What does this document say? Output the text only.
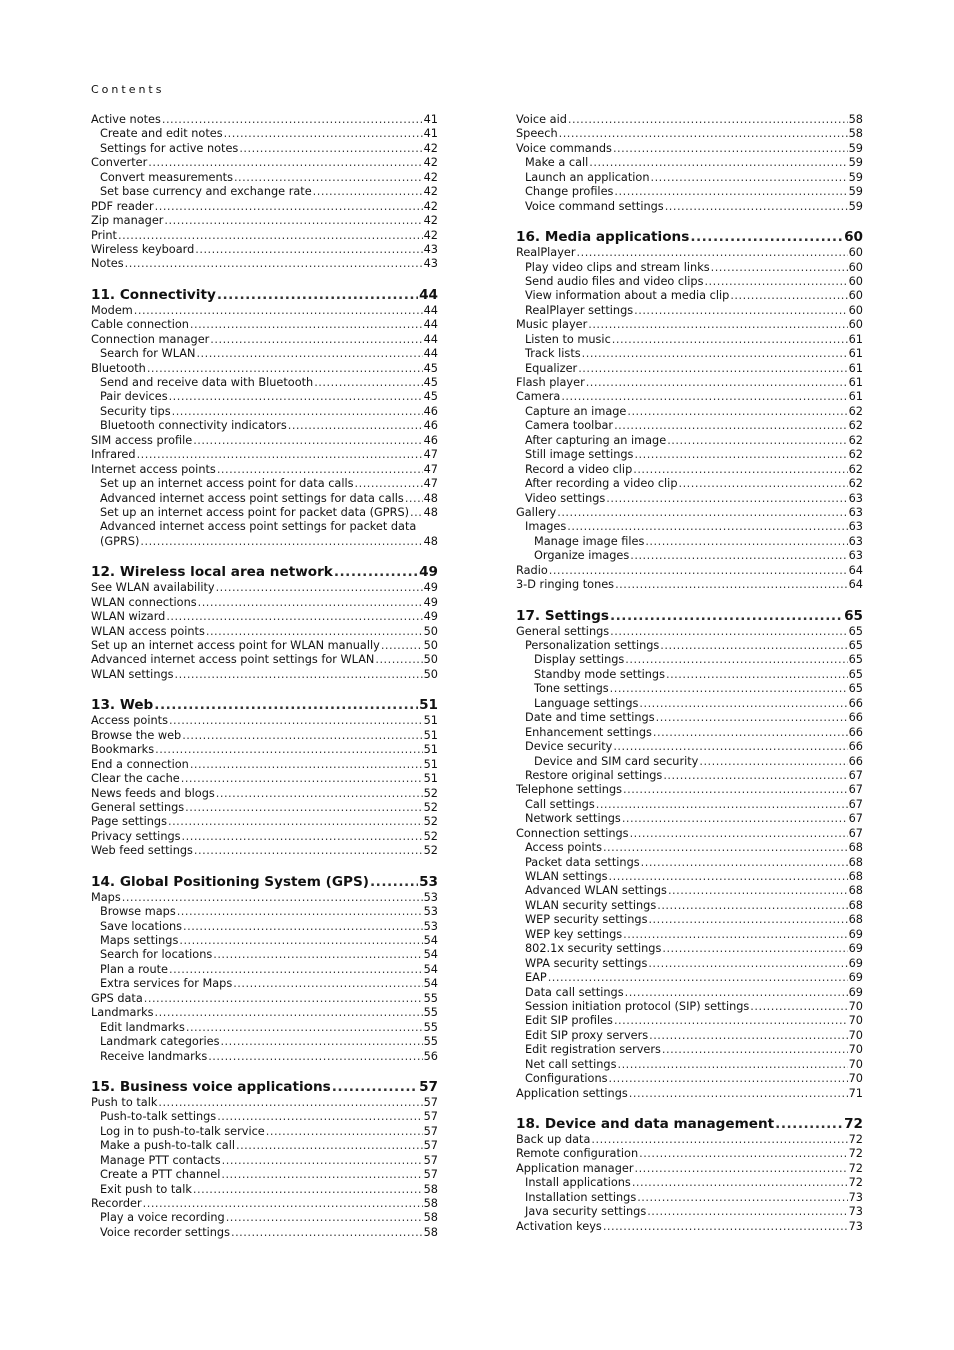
Contents
Active notes .....	41
Create and edit notes .....	41
Settings for active notes .....	42
Converter .....	42
Convert measurements .....	42
Set base currency and exchange rate .....	42
PDF reader .....	42
Zip manager .....	42
Print .....	42
Wireless keyboard .....	43
Notes .....	43
11. Connectivity .....	44
Modem .....	44
Cable connection .....	44
Connection manager .....	44
Search for WLAN .....	44
Bluetooth .....	45
Send and receive data with Bluetooth .....	45
Pair devices .....	45
Security tips .....	46
Bluetooth connectivity indicators .....	46
SIM access profile .....	46
Infrared .....	47
Internet access points .....	47
Set up an internet access point for data calls .....	47
Advanced internet access point settings for data calls ..... 48
Set up an internet access point for packet data (GPRS) ..... 48
Advanced internet access point settings for packet data
(GPRS) .....	48
12. Wireless local area network .....	49
See WLAN availability .....	49
WLAN connections .....	49
WLAN wizard .....	49
WLAN access points .....	50
Set up an internet access point for WLAN manually .....	50
Advanced internet access point settings for WLAN .....	50
WLAN settings .....	50
13. Web .....	51
Access points .....	51
Browse the web .....	51
Bookmarks .....	51
End a connection .....	51
Clear the cache .....	51
News feeds and blogs .....	52
General settings .....	52
Page settings .....	52
Privacy settings .....	52
Web feed settings .....	52
14. Global Positioning System (GPS) .....	53
Maps .....	53
Browse maps .....	53
Save locations .....	53
Maps settings .....	54
Search for locations .....	54
Plan a route .....	54
Extra services for Maps .....	54
GPS data .....	55
Landmarks .....	55
Edit landmarks .....	55
Landmark categories .....	55
Receive landmarks .....	56
15. Business voice applications .....	57
Push to talk .....	57
Push-to-talk settings .....	57
Log in to push-to-talk service .....	57
Make a push-to-talk call .....	57
Manage PTT contacts .....	57
Create a PTT channel .....	57
Exit push to talk .....	58
Recorder .....	58
Play a voice recording .....	58
Voice recorder settings .....	58
Voice aid .....	58
Speech .....	58
Voice commands .....	59
Make a call .....	59
Launch an application .....	59
Change profiles .....	59
Voice command settings .....	59
16. Media applications .....	60
RealPlayer .....	60
Play video clips and stream links .....	60
Send audio files and video clips .....	60
View information about a media clip .....	60
RealPlayer settings .....	60
Music player .....	60
Listen to music .....	61
Track lists .....	61
Equalizer .....	61
Flash player .....	61
Camera .....	61
Capture an image .....	62
Camera toolbar .....	62
After capturing an image .....	62
Still image settings .....	62
Record a video clip .....	62
After recording a video clip .....	62
Video settings .....	63
Gallery .....	63
Images .....	63
Manage image files .....	63
Organize images .....	63
Radio .....	64
3-D ringing tones .....	64
17. Settings .....	65
General settings .....	65
Personalization settings .....	65
Display settings .....	65
Standby mode settings .....	65
Tone settings .....	65
Language settings .....	66
Date and time settings .....	66
Enhancement settings .....	66
Device security .....	66
Device and SIM card security .....	66
Restore original settings .....	67
Telephone settings .....	67
Call settings .....	67
Network settings .....	67
Connection settings .....	67
Access points .....	68
Packet data settings .....	68
WLAN settings .....	68
Advanced WLAN settings .....	68
WLAN security settings .....	68
WEP security settings .....	68
WEP key settings .....	69
802.1x security settings .....	69
WPA security settings .....	69
EAP .....	69
Data call settings .....	69
Session initiation protocol (SIP) settings .....	70
Edit SIP profiles .....	70
Edit SIP proxy servers .....	70
Edit registration servers .....	70
Net call settings .....	70
Configurations .....	70
Application settings .....	71
18. Device and data management .....	72
Back up data .....	72
Remote configuration .....	72
Application manager .....	72
Install applications .....	72
Installation settings .....	73
Java security settings .....	73
Activation keys .....	73
